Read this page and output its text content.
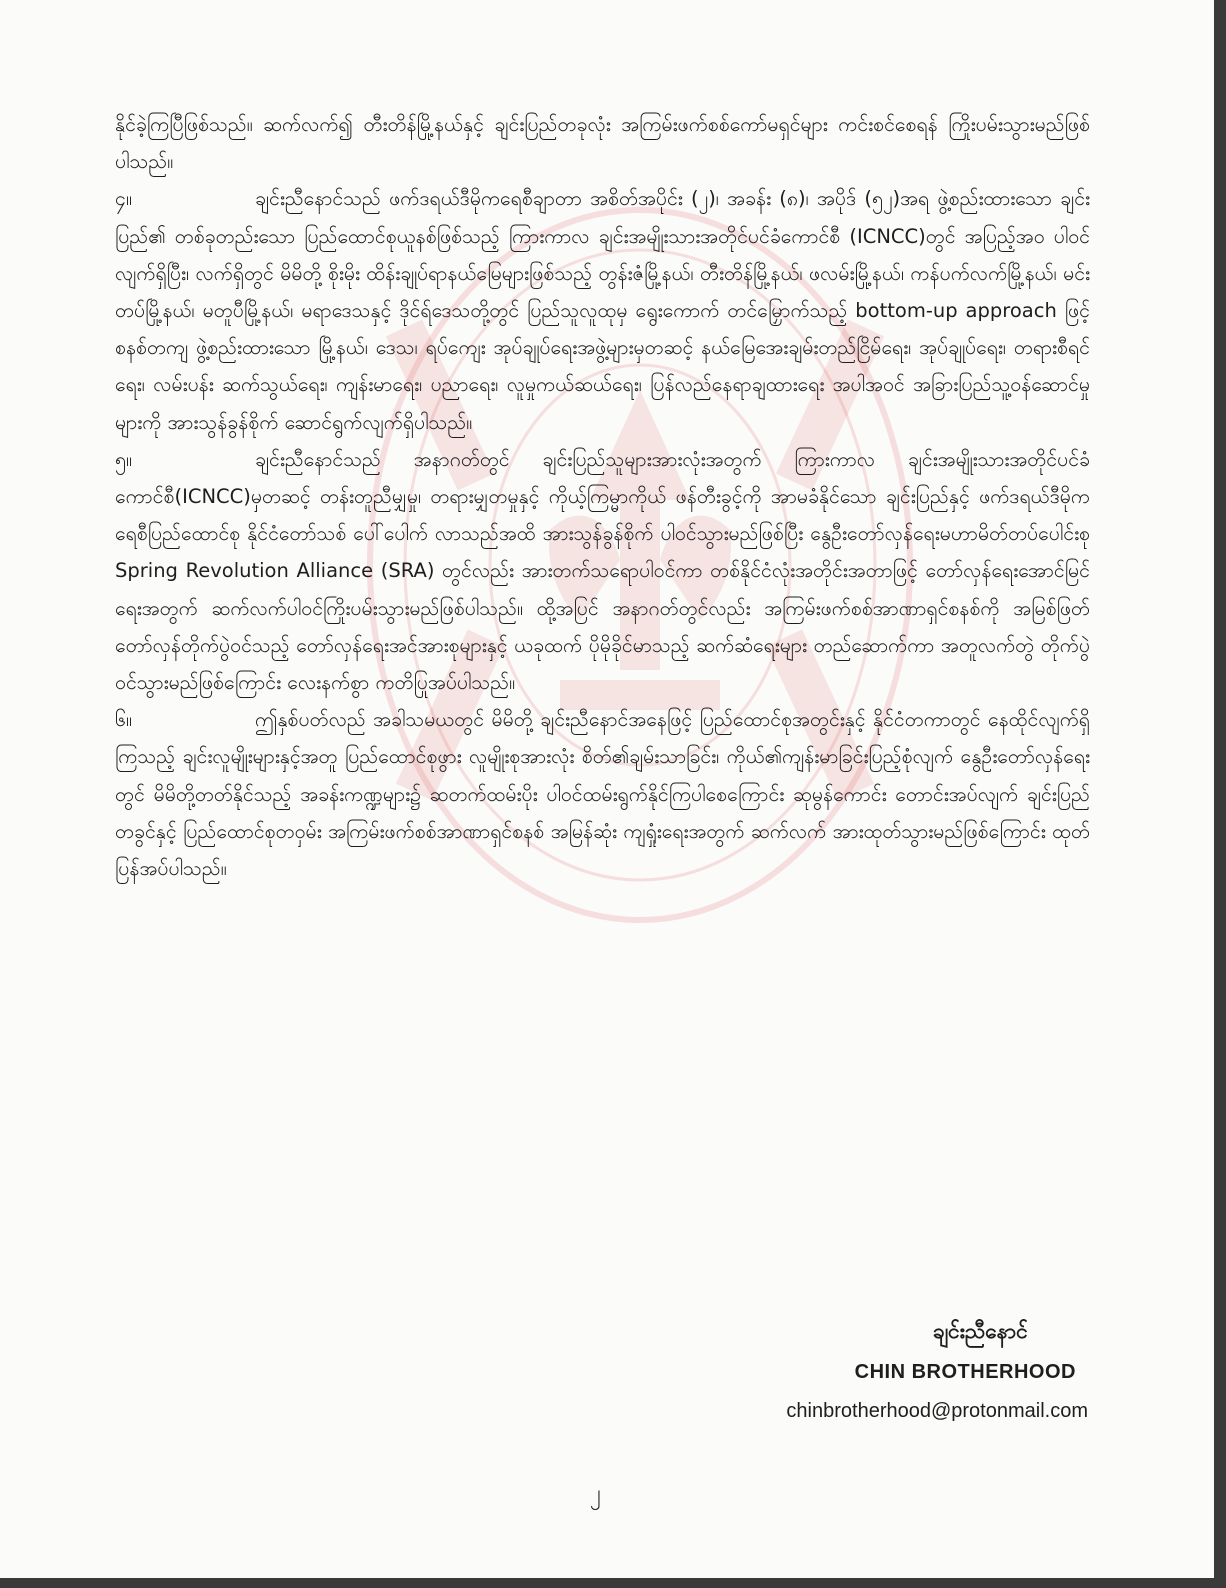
နိုင်ခဲ့ကြပြီဖြစ်သည်။ ဆက်လက်၍ တီးတိန်မြို့နယ်နှင့် ချင်းပြည်တခုလုံး အကြမ်းဖက်စစ်ကော်မရှင်များ ကင်းစင်စေရန် ကြိုးပမ်းသွားမည်ဖြစ်ပါသည်။

၄။	ချင်းညီနောင်သည် ဖက်ဒရယ်ဒီမိုကရေစီချာတာ အစိတ်အပိုင်း (၂)၊ အခန်း (၈)၊ အပိုဒ် (၅၂)အရ ဖွဲ့စည်းထားသော ချင်းပြည်၏ တစ်ခုတည်းသော ပြည်ထောင်စုယူနစ်ဖြစ်သည့် ကြားကာလ ချင်းအမျိုးသားအတိုင်ပင်ခံကောင်စီ (ICNCC)တွင် အပြည့်အဝ ပါဝင်လျက်ရှိပြီး၊ လက်ရှိတွင် မိမိတို့ စိုးမိုး ထိန်းချုပ်ရာနယ်မြေများဖြစ်သည့် တွန်းဇံမြို့နယ်၊ တီးတိန်မြို့နယ်၊ ဖလမ်းမြို့နယ်၊ ကန်ပက်လက်မြို့နယ်၊ မင်းတပ်မြို့နယ်၊ မတူပီမြို့နယ်၊ မရာဒေသနှင့် ဒိုင်ရ်ဒေသတို့တွင် ပြည်သူလူထုမှ ရွေးကောက် တင်မြှောက်သည့် bottom-up approach ဖြင့် စနစ်တကျ ဖွဲ့စည်းထားသော မြို့နယ်၊ ဒေသ၊ ရပ်ကျေး အုပ်ချုပ်ရေးအဖွဲ့များမှတဆင့် နယ်မြေအေးချမ်းတည်ငြိမ်ရေး၊ အုပ်ချုပ်ရေး၊ တရားစီရင်ရေး၊ လမ်းပန်း ဆက်သွယ်ရေး၊ ကျန်းမာရေး၊ ပညာရေး၊ လူမှုကယ်ဆယ်ရေး၊ ပြန်လည်နေရာချထားရေး အပါအဝင် အခြားပြည်သူ့ဝန်ဆောင်မှုများကို အားသွန်ခွန်စိုက် ဆောင်ရွက်လျက်ရှိပါသည်။

၅။	ချင်းညီနောင်သည် အနာဂတ်တွင် ချင်းပြည်သူများအားလုံးအတွက် ကြားကာလ ချင်းအမျိုးသားအတိုင်ပင်ခံကောင်စီ(ICNCC)မှတဆင့် တန်းတူညီမျှမှု၊ တရားမျှတမှုနှင့် ကိုယ့်ကြမ္မာကိုယ် ဖန်တီးခွင့်ကို အာမခံနိုင်သော ချင်းပြည်နှင့် ဖက်ဒရယ်ဒီမိုကရေစီပြည်ထောင်စု နိုင်ငံတော်သစ် ပေါ်ပေါက် လာသည်အထိ အားသွန်ခွန်စိုက် ပါဝင်သွားမည်ဖြစ်ပြီး နွေဦးတော်လှန်ရေးမဟာမိတ်တပ်ပေါင်းစု Spring Revolution Alliance (SRA) တွင်လည်း အားတက်သရောပါဝင်ကာ တစ်နိုင်ငံလုံးအတိုင်းအတာဖြင့် တော်လှန်ရေးအောင်မြင်ရေးအတွက် ဆက်လက်ပါဝင်ကြိုးပမ်းသွားမည်ဖြစ်ပါသည်။ ထို့အပြင် အနာဂတ်တွင်လည်း အကြမ်းဖက်စစ်အာဏာရှင်စနစ်ကို အမြစ်ဖြတ် တော်လှန်တိုက်ပွဲဝင်သည့် တော်လှန်ရေးအင်အားစုများနှင့် ယခုထက် ပိုမိုခိုင်မာသည့် ဆက်ဆံရေးများ တည်ဆောက်ကာ အတူလက်တွဲ တိုက်ပွဲဝင်သွားမည်ဖြစ်ကြောင်း လေးနက်စွာ ကတိပြုအပ်ပါသည်။

၆။	ဤနှစ်ပတ်လည် အခါသမယတွင် မိမိတို့ ချင်းညီနောင်အနေဖြင့် ပြည်ထောင်စုအတွင်းနှင့် နိုင်ငံတကာတွင် နေထိုင်လျက်ရှိကြသည့် ချင်းလူမျိုးများနှင့်အတူ ပြည်ထောင်စုဖွား လူမျိုးစုအားလုံး စိတ်၏ချမ်းသာခြင်း၊ ကိုယ်၏ကျန်းမာခြင်းပြည့်စုံလျက် နွေဦးတော်လှန်ရေးတွင် မိမိတို့တတ်နိုင်သည့် အခန်းကဏ္ဍများ၌ ဆတက်ထမ်းပိုး ပါဝင်ထမ်းရွက်နိုင်ကြပါစေကြောင်း ဆုမွန်ကောင်း တောင်းအပ်လျက် ချင်းပြည်တခွင်နှင့် ပြည်ထောင်စုတဝှမ်း အကြမ်းဖက်စစ်အာဏာရှင်စနစ် အမြန်ဆုံး ကျရှုံးရေးအတွက် ဆက်လက် အားထုတ်သွားမည်ဖြစ်ကြောင်း ထုတ်ပြန်အပ်ပါသည်။

ချင်းညီနောင်
CHIN BROTHERHOOD
chinbrotherhood@protonmail.com
၂
